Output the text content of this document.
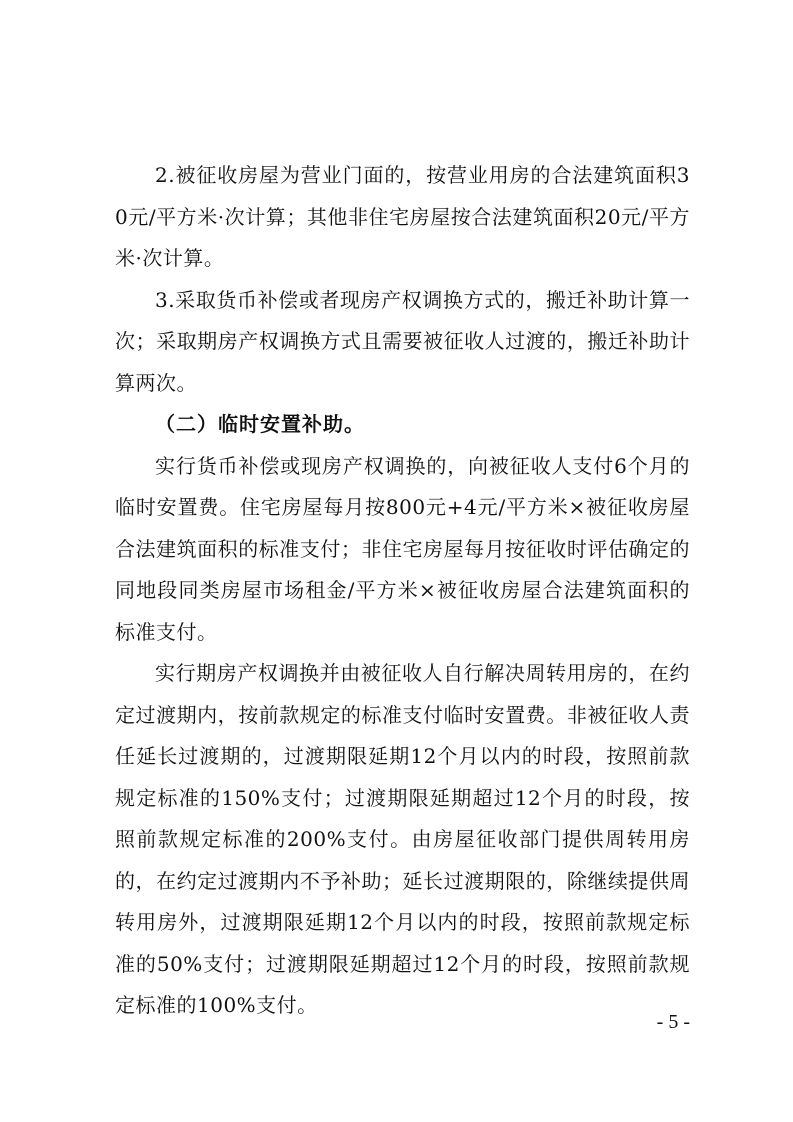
2.被征收房屋为营业门面的，按营业用房的合法建筑面积30元/平方米·次计算；其他非住宅房屋按合法建筑面积20元/平方米·次计算。

3.采取货币补偿或者现房产权调换方式的，搬迁补助计算一次；采取期房产权调换方式且需要被征收人过渡的，搬迁补助计算两次。

（二）临时安置补助。

实行货币补偿或现房产权调换的，向被征收人支付6个月的临时安置费。住宅房屋每月按800元+4元/平方米×被征收房屋合法建筑面积的标准支付；非住宅房屋每月按征收时评估确定的同地段同类房屋市场租金/平方米×被征收房屋合法建筑面积的标准支付。

实行期房产权调换并由被征收人自行解决周转用房的，在约定过渡期内，按前款规定的标准支付临时安置费。非被征收人责任延长过渡期的，过渡期限延期12个月以内的时段，按照前款规定标准的150%支付；过渡期限延期超过12个月的时段，按照前款规定标准的200%支付。由房屋征收部门提供周转用房的，在约定过渡期内不予补助；延长过渡期限的，除继续提供周转用房外，过渡期限延期12个月以内的时段，按照前款规定标准的50%支付；过渡期限延期超过12个月的时段，按照前款规定标准的100%支付。

- 5 -
